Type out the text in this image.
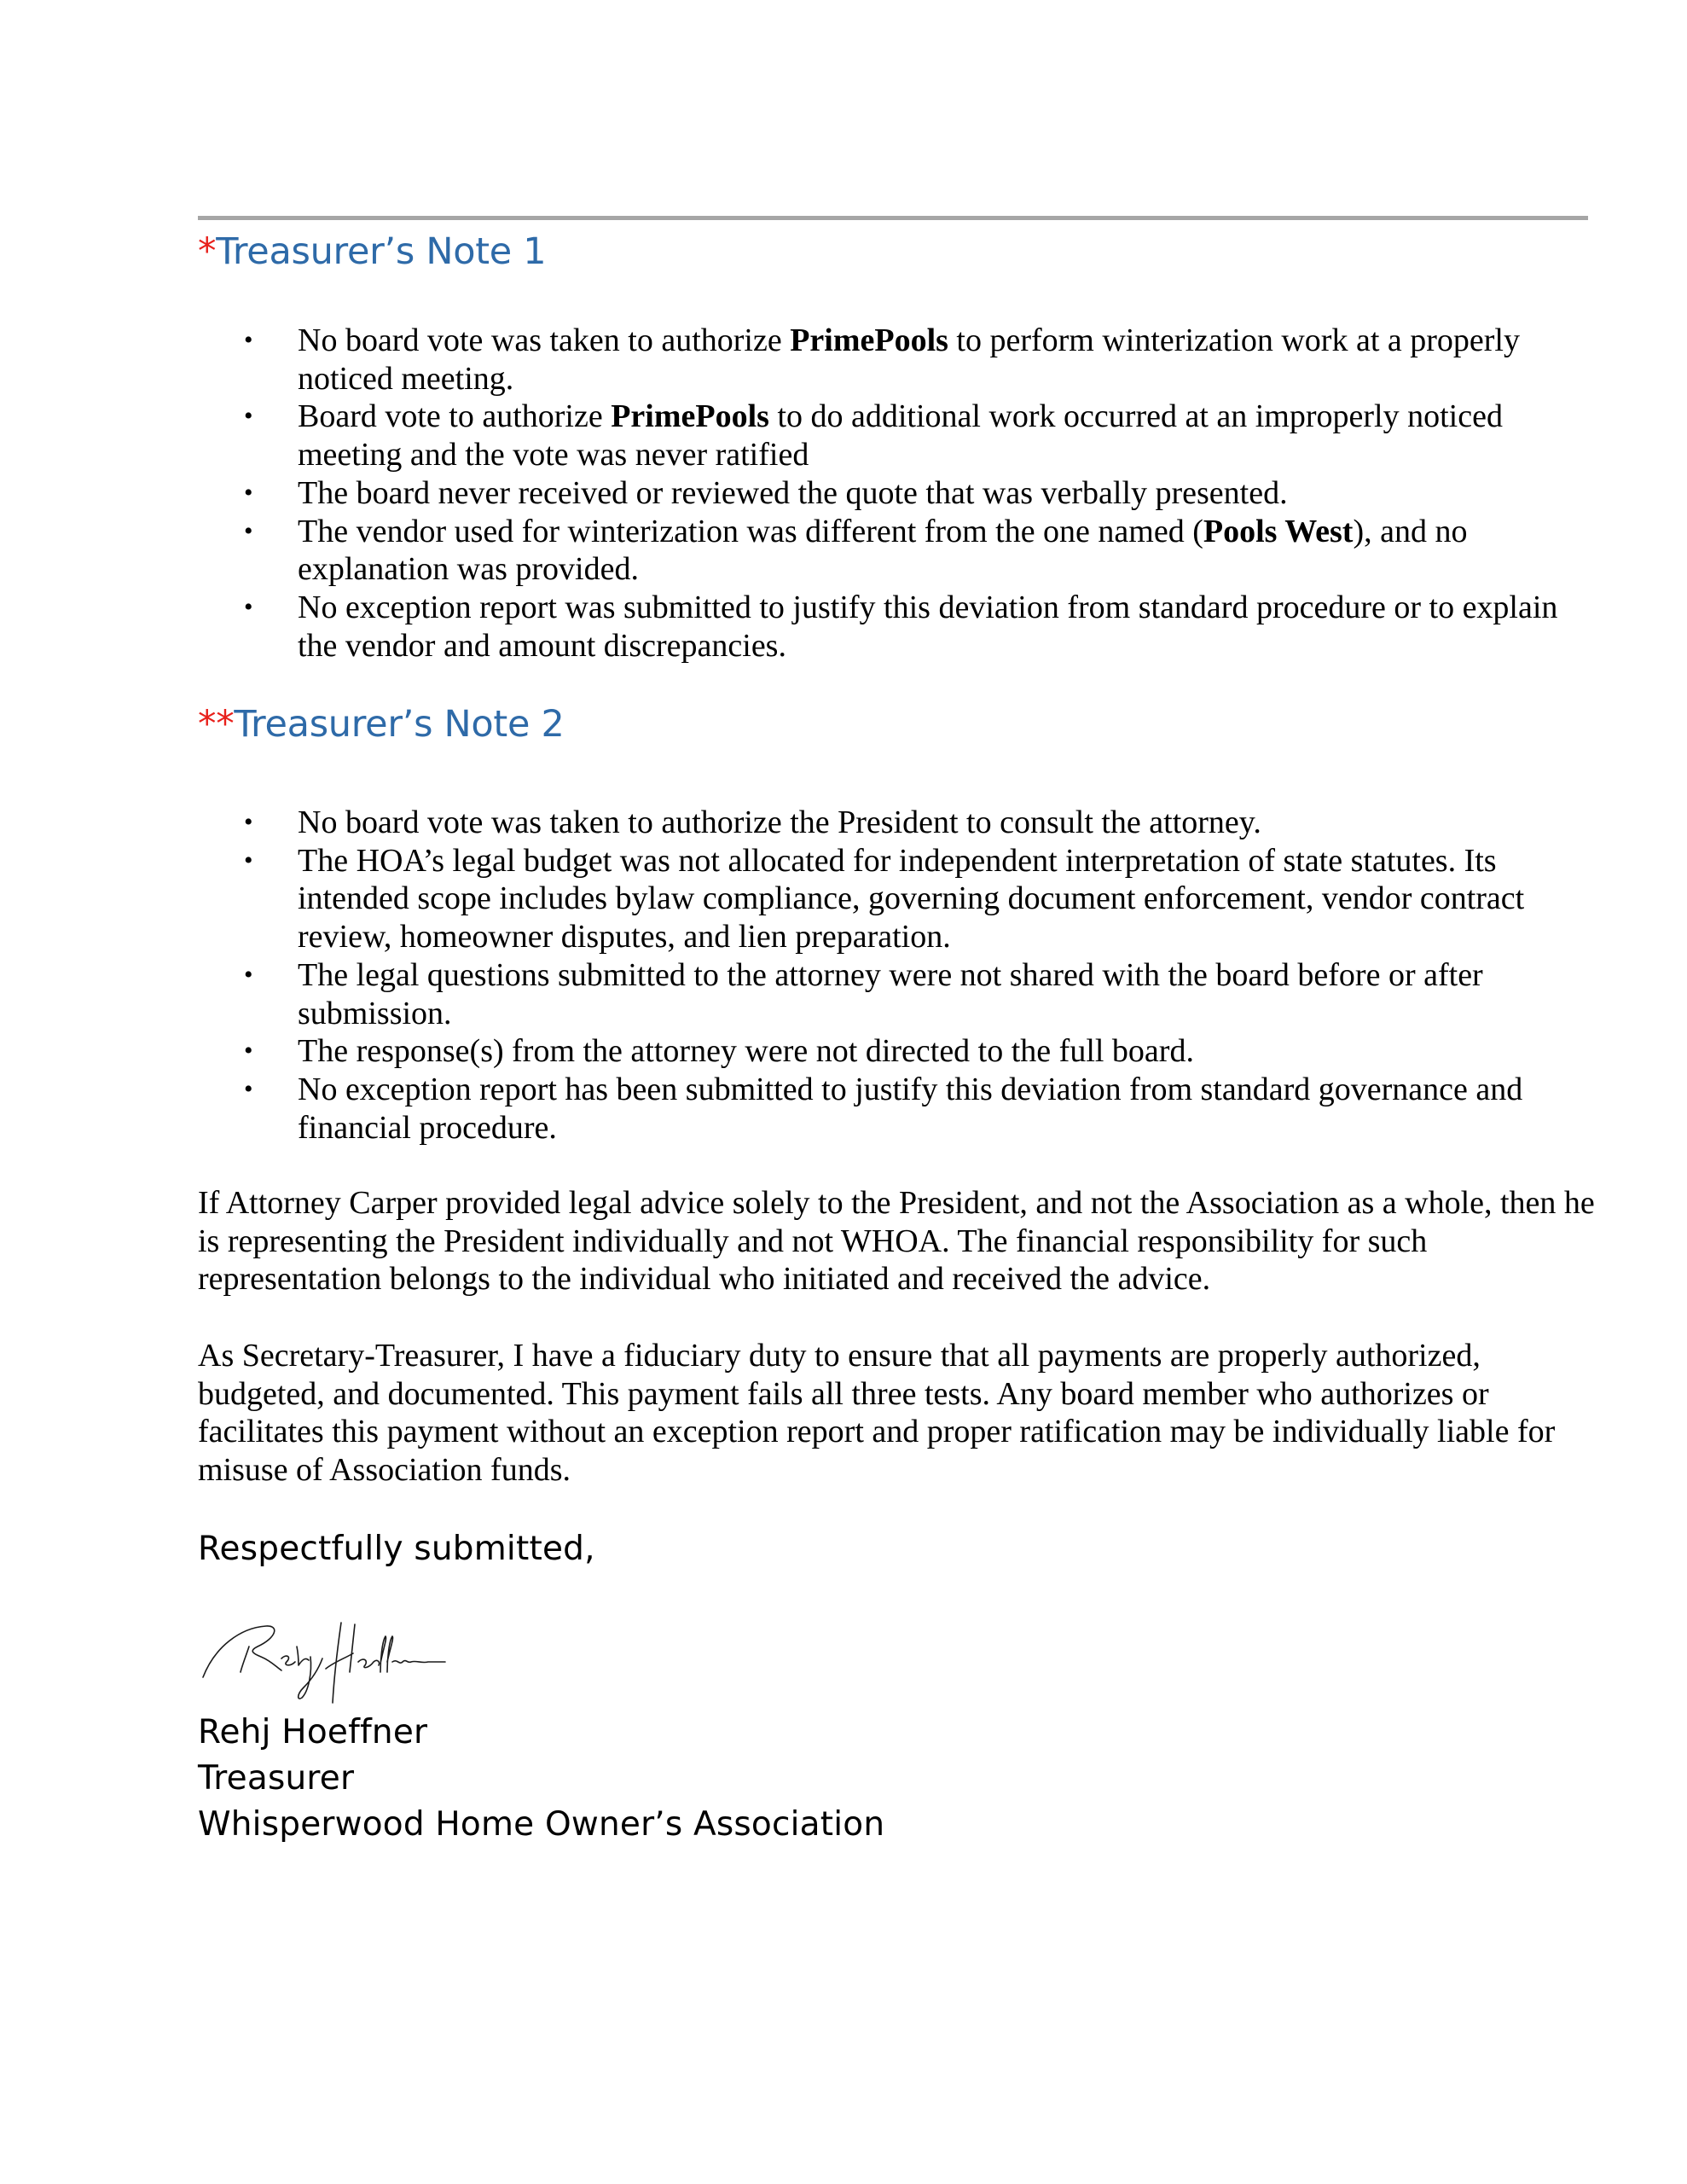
*Treasurer’s Note 1
• No board vote was taken to authorize PrimePools to perform winterization work at a properly noticed meeting.
• Board vote to authorize PrimePools to do additional work occurred at an improperly noticed meeting and the vote was never ratified
• The board never received or reviewed the quote that was verbally presented.
• The vendor used for winterization was different from the one named (Pools West), and no explanation was provided.
• No exception report was submitted to justify this deviation from standard procedure or to explain the vendor and amount discrepancies.
**Treasurer’s Note 2
• No board vote was taken to authorize the President to consult the attorney.
• The HOA’s legal budget was not allocated for independent interpretation of state statutes. Its intended scope includes bylaw compliance, governing document enforcement, vendor contract review, homeowner disputes, and lien preparation.
• The legal questions submitted to the attorney were not shared with the board before or after submission.
• The response(s) from the attorney were not directed to the full board.
• No exception report has been submitted to justify this deviation from standard governance and financial procedure.

If Attorney Carper provided legal advice solely to the President, and not the Association as a whole, then he is representing the President individually and not WHOA. The financial responsibility for such representation belongs to the individual who initiated and received the advice.

As Secretary-Treasurer, I have a fiduciary duty to ensure that all payments are properly authorized, budgeted, and documented. This payment fails all three tests. Any board member who authorizes or facilitates this payment without an exception report and proper ratification may be individually liable for misuse of Association funds.

Respectfully submitted,

Rehj Hoeffner

Treasurer

Whisperwood Home Owner’s Association
